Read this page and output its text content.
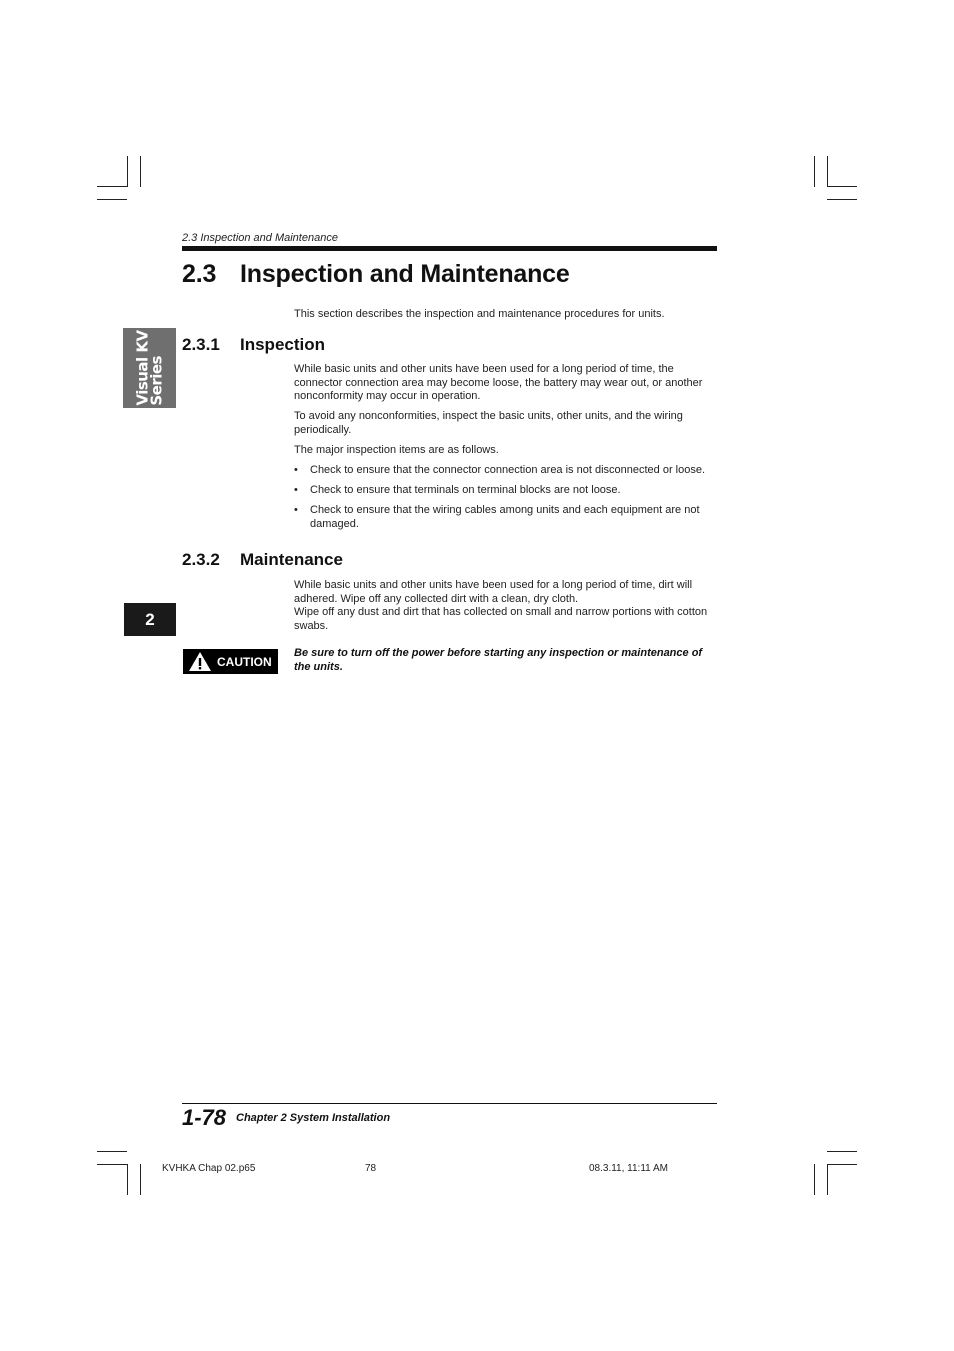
2.3 Inspection and Maintenance
2.3 Inspection and Maintenance
This section describes the inspection and maintenance procedures for units.
Visual KV
Series
2.3.1 Inspection
While basic units and other units have been used for a long period of time, the connector connection area may become loose, the battery may wear out, or another nonconformity may occur in operation.
To avoid any nonconformities, inspect the basic units, other units, and the wiring periodically.
The major inspection items are as follows.
•	Check to ensure that the connector connection area is not disconnected or loose.
•	Check to ensure that terminals on terminal blocks are not loose.
•	Check to ensure that the wiring cables among units and each equipment are not damaged.
2.3.2 Maintenance
While basic units and other units have been used for a long period of time, dirt will adhered. Wipe off any collected dirt with a clean, dry cloth.
Wipe off any dust and dirt that has collected on small and narrow portions with cotton swabs.
2
CAUTION
Be sure to turn off the power before starting any inspection or maintenance of the units.
1-78 Chapter 2 System Installation
KVHKA Chap 02.p65	78	08.3.11, 11:11 AM
